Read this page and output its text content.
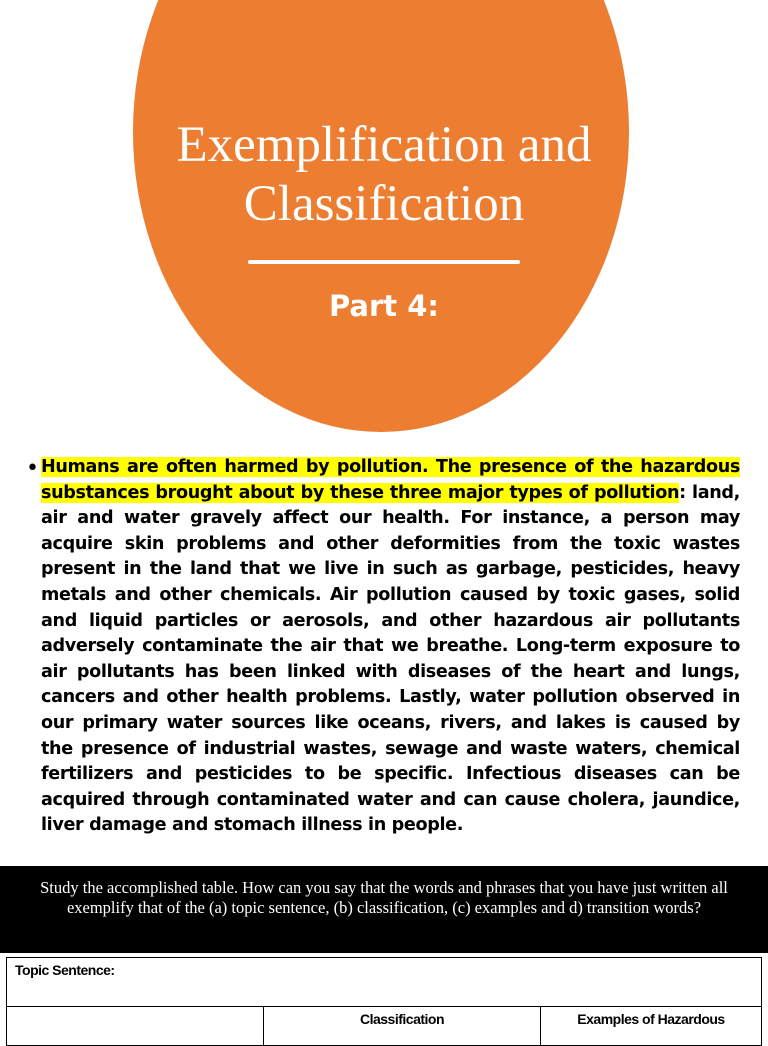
Exemplification and
Classification
Part 4:
• Humans are often harmed by pollution. The presence of the hazardous substances brought about by these three major types of pollution: land, air and water gravely affect our health. For instance, a person may acquire skin problems and other deformities from the toxic wastes present in the land that we live in such as garbage, pesticides, heavy metals and other chemicals. Air pollution caused by toxic gases, solid and liquid particles or aerosols, and other hazardous air pollutants adversely contaminate the air that we breathe. Long-term exposure to air pollutants has been linked with diseases of the heart and lungs, cancers and other health problems. Lastly, water pollution observed in our primary water sources like oceans, rivers, and lakes is caused by the presence of industrial wastes, sewage and waste waters, chemical fertilizers and pesticides to be specific. Infectious diseases can be acquired through contaminated water and can cause cholera, jaundice, liver damage and stomach illness in people.

Study the accomplished table. How can you say that the words and phrases that you have just written all exemplify that of the (a) topic sentence, (b) classification, (c) examples and d) transition words?
Topic Sentence:
	Classification	Examples of Hazardous
